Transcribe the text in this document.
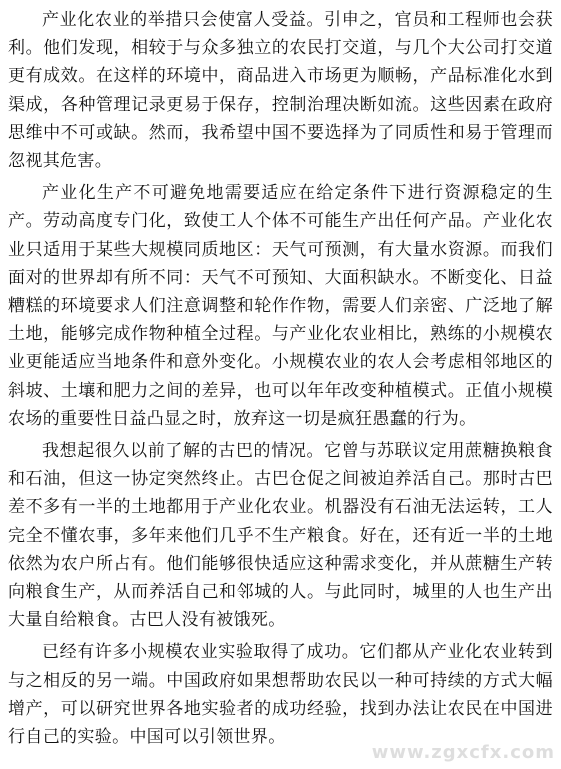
产业化农业的举措只会使富人受益。引申之，官员和工程师也会获利。他们发现，相较于与众多独立的农民打交道，与几个大公司打交道更有成效。在这样的环境中，商品进入市场更为顺畅，产品标准化水到渠成，各种管理记录更易于保存，控制治理决断如流。这些因素在政府思维中不可或缺。然而，我希望中国不要选择为了同质性和易于管理而忽视其危害。

产业化生产不可避免地需要适应在给定条件下进行资源稳定的生产。劳动高度专门化，致使工人个体不可能生产出任何产品。产业化农业只适用于某些大规模同质地区：天气可预测，有大量水资源。而我们面对的世界却有所不同：天气不可预知、大面积缺水。不断变化、日益糟糕的环境要求人们注意调整和轮作作物，需要人们亲密、广泛地了解土地，能够完成作物种植全过程。与产业化农业相比，熟练的小规模农业更能适应当地条件和意外变化。小规模农业的农人会考虑相邻地区的斜坡、土壤和肥力之间的差异，也可以年年改变种植模式。正值小规模农场的重要性日益凸显之时，放弃这一切是疯狂愚蠢的行为。

我想起很久以前了解的古巴的情况。它曾与苏联议定用蔗糖换粮食和石油，但这一协定突然终止。古巴仓促之间被迫养活自己。那时古巴差不多有一半的土地都用于产业化农业。机器没有石油无法运转，工人完全不懂农事，多年来他们几乎不生产粮食。好在，还有近一半的土地依然为农户所占有。他们能够很快适应这种需求变化，并从蔗糖生产转向粮食生产，从而养活自己和邻城的人。与此同时，城里的人也生产出大量自给粮食。古巴人没有被饿死。

已经有许多小规模农业实验取得了成功。它们都从产业化农业转到与之相反的另一端。中国政府如果想帮助农民以一种可持续的方式大幅增产，可以研究世界各地实验者的成功经验，找到办法让农民在中国进行自己的实验。中国可以引领世界。

www.zgxcfx.com
